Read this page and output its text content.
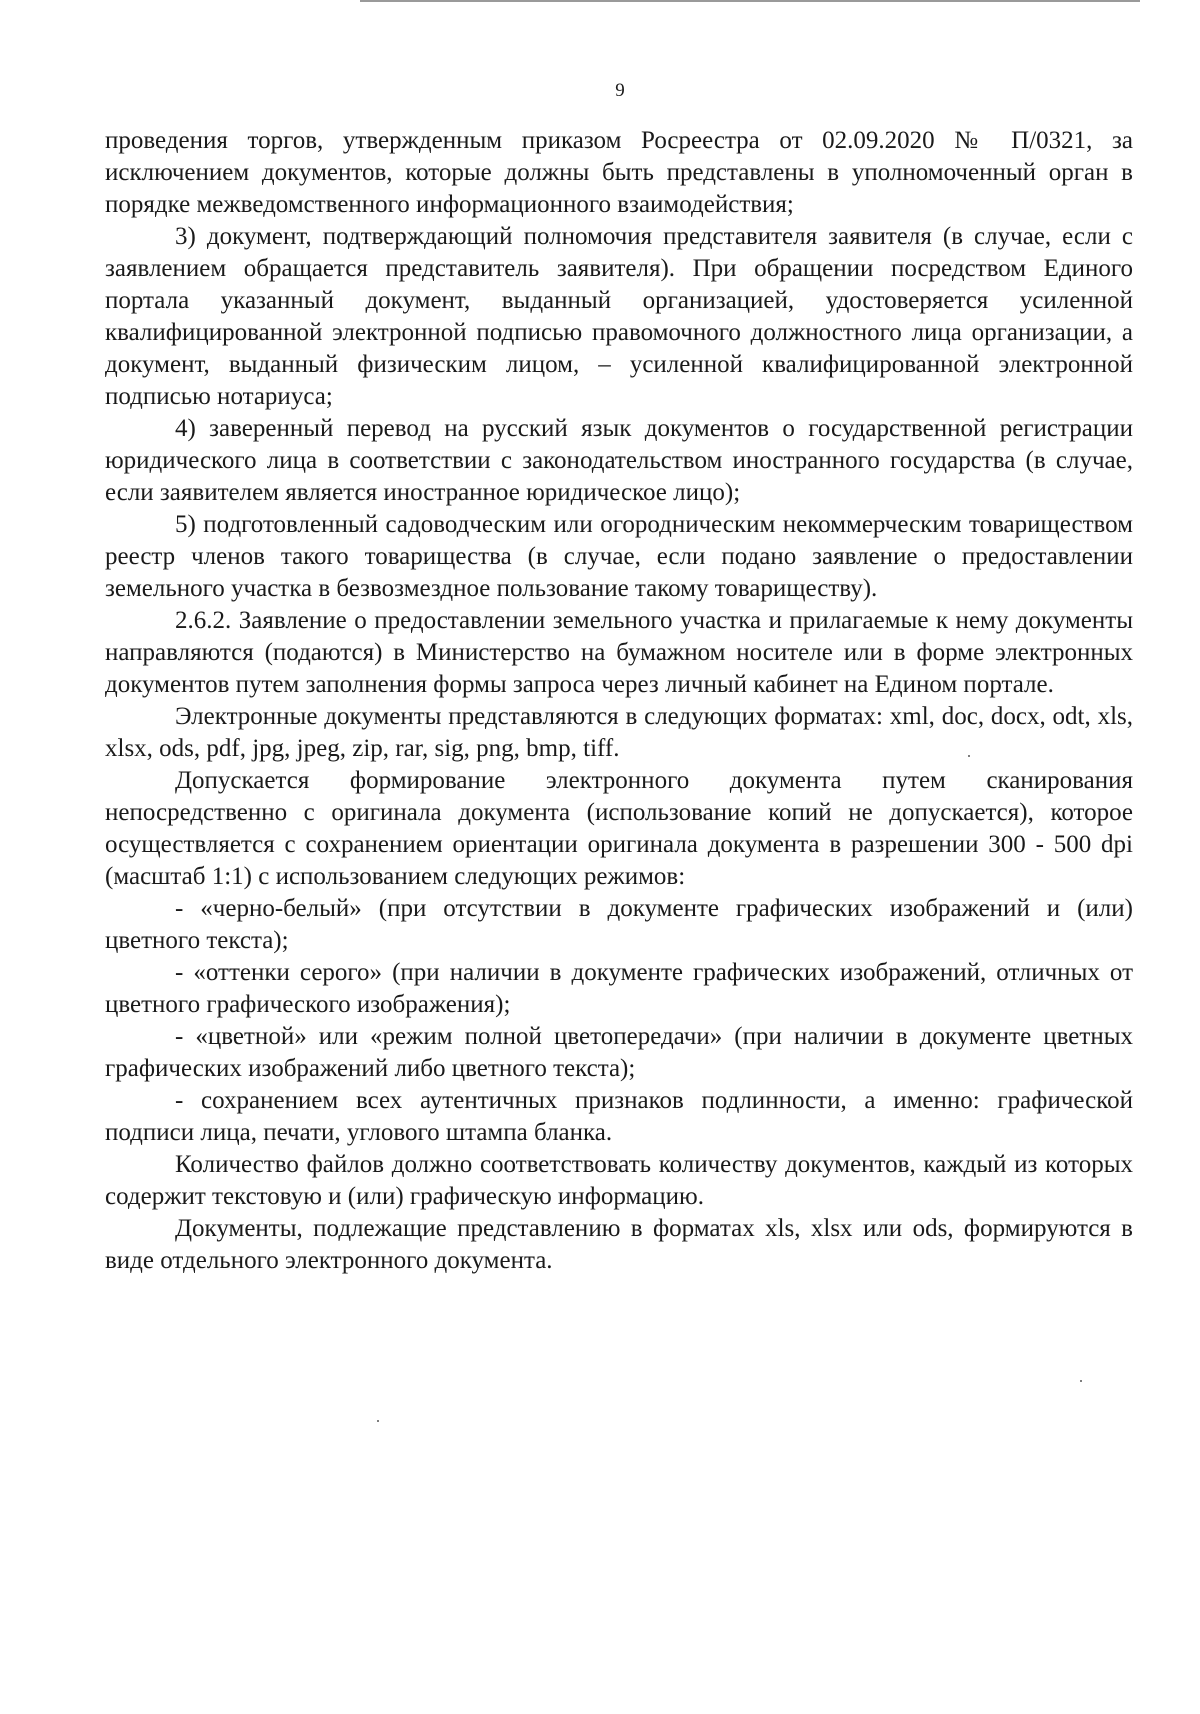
9

проведения торгов, утвержденным приказом Росреестра от 02.09.2020 № П/0321, за исключением документов, которые должны быть представлены в уполномоченный орган в порядке межведомственного информационного взаимодействия;

3) документ, подтверждающий полномочия представителя заявителя (в случае, если с заявлением обращается представитель заявителя). При обращении посредством Единого портала указанный документ, выданный организацией, удостоверяется усиленной квалифицированной электронной подписью правомочного должностного лица организации, а документ, выданный физическим лицом, – усиленной квалифицированной электронной подписью нотариуса;

4) заверенный перевод на русский язык документов о государственной регистрации юридического лица в соответствии с законодательством иностранного государства (в случае, если заявителем является иностранное юридическое лицо);

5) подготовленный садоводческим или огородническим некоммерческим товариществом реестр членов такого товарищества (в случае, если подано заявление о предоставлении земельного участка в безвозмездное пользование такому товариществу).

2.6.2. Заявление о предоставлении земельного участка и прилагаемые к нему документы направляются (подаются) в Министерство на бумажном носителе или в форме электронных документов путем заполнения формы запроса через личный кабинет на Едином портале.

Электронные документы представляются в следующих форматах: xml, doc, docx, odt, xls, xlsx, ods, pdf, jpg, jpeg, zip, rar, sig, png, bmp, tiff.

Допускается формирование электронного документа путем сканирования непосредственно с оригинала документа (использование копий не допускается), которое осуществляется с сохранением ориентации оригинала документа в разрешении 300 - 500 dpi (масштаб 1:1) с использованием следующих режимов:

- «черно-белый» (при отсутствии в документе графических изображений и (или) цветного текста);

- «оттенки серого» (при наличии в документе графических изображений, отличных от цветного графического изображения);

- «цветной» или «режим полной цветопередачи» (при наличии в документе цветных графических изображений либо цветного текста);

- сохранением всех аутентичных признаков подлинности, а именно: графической подписи лица, печати, углового штампа бланка.

Количество файлов должно соответствовать количеству документов, каждый из которых содержит текстовую и (или) графическую информацию.

Документы, подлежащие представлению в форматах xls, xlsx или ods, формируются в виде отдельного электронного документа.
